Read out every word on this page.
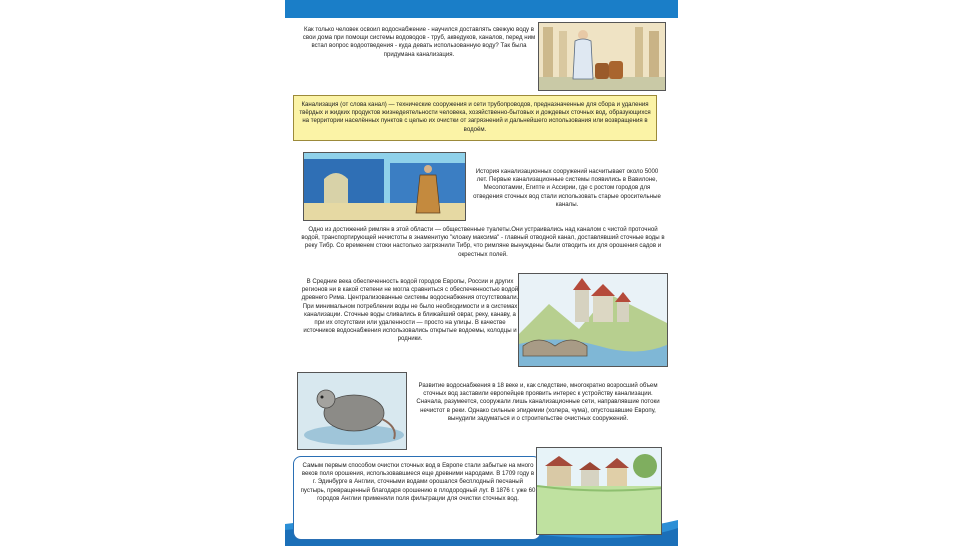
Как только человек освоил водоснабжение - научился доставлять свежую воду в свои дома при помощи системы водоводов - труб, акведуков, каналов, перед ним встал вопрос водоотведения - куда девать использованную воду? Так была придумана канализация.

Канализация (от слова канал) — технические сооружения и сети трубопроводов, предназначенные для сбора и удаления твёрдых и жидких продуктов жизнедеятельности человека, хозяйственно-бытовых и дождевых сточных вод, образующихся на территории населённых пунктов с целью их очистки от загрязнений и дальнейшего использования или возвращения в водоём.

История канализационных сооружений насчитывает около 5000 лет. Первые канализационные системы появились в Вавилоне, Месопотамии, Египте и Ассирии, где с ростом городов для отведения сточных вод стали использовать старые оросительные каналы.

Одно из достижений римлян в этой области — общественные туалеты.Они устраивались над каналом с чистой проточной водой, транспортирующей нечистоты в знаменитую "клоаку максима" - главный отводной канал, доставлявший сточные воды в реку Тибр. Со временем стоки настолько загрязнили Тибр, что римляне вынуждены были отводить их для орошения садов и окрестных полей.

В Средние века обеспеченность водой городов Европы, России и других регионов ни в какой степени не могла сравниться с обеспеченностью водой древнего Рима. Централизованные системы водоснабжения отсутствовали. При минимальном потреблении воды не было необходимости и в системах канализации. Сточные воды сливались в ближайший овраг, реку, канаву, а при их отсутствии или удаленности — просто на улицы. В качестве источников водоснабжения использовались открытые водоемы, колодцы и родники.

Развитие водоснабжения в 18 веке и, как следствие, многократно возросший объем сточных вод заставили европейцев проявить интерес к устройству канализации. Сначала, разумеется, сооружали лишь канализационные сети, направлявшие потоки нечистот в реки. Однако сильные эпидемии (холера, чума), опустошавшие Европу, вынудили задуматься и о строительстве очистных сооружений.

Самым первым способом очистки сточных вод в Европе стали забытые на много веков поля орошения, использовавшиеся еще древними народами. В 1709 году в г. Эдинбурге в Англии, сточными водами орошался бесплодный песчаный пустырь, превращенный благодаря орошению в плодородный луг. В 1876 г. уже 60 городов Англии применяли поля фильтрации для очистки сточных вод.
